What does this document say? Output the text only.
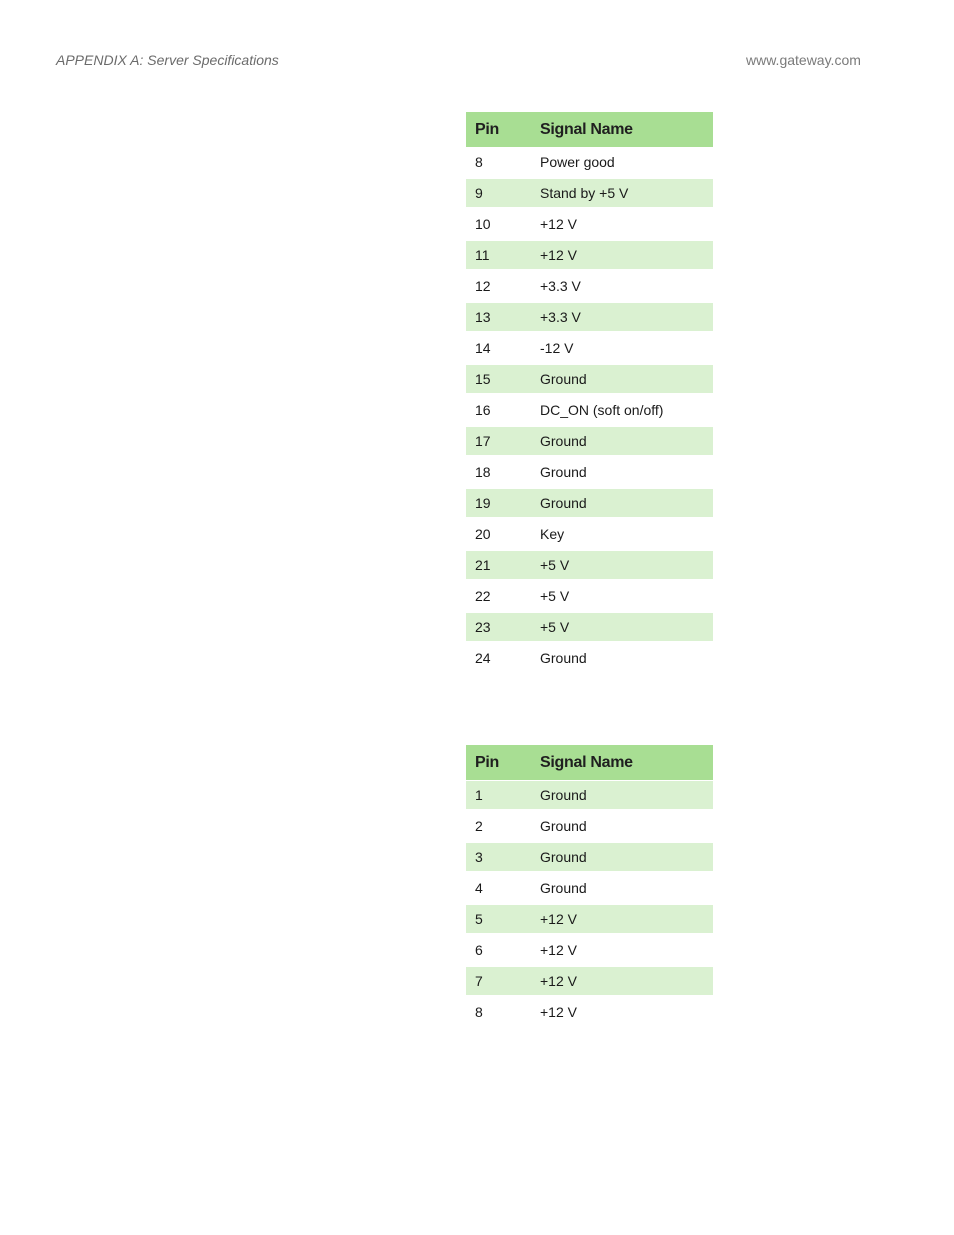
APPENDIX A: Server Specifications	www.gateway.com
Pin	Signal Name
8	Power good
9	Stand by +5 V
10	+12 V
11	+12 V
12	+3.3 V
13	+3.3 V
14	-12 V
15	Ground
16	DC_ON (soft on/off)
17	Ground
18	Ground
19	Ground
20	Key
21	+5 V
22	+5 V
23	+5 V
24	Ground
Pin	Signal Name
1	Ground
2	Ground
3	Ground
4	Ground
5	+12 V
6	+12 V
7	+12 V
8	+12 V
